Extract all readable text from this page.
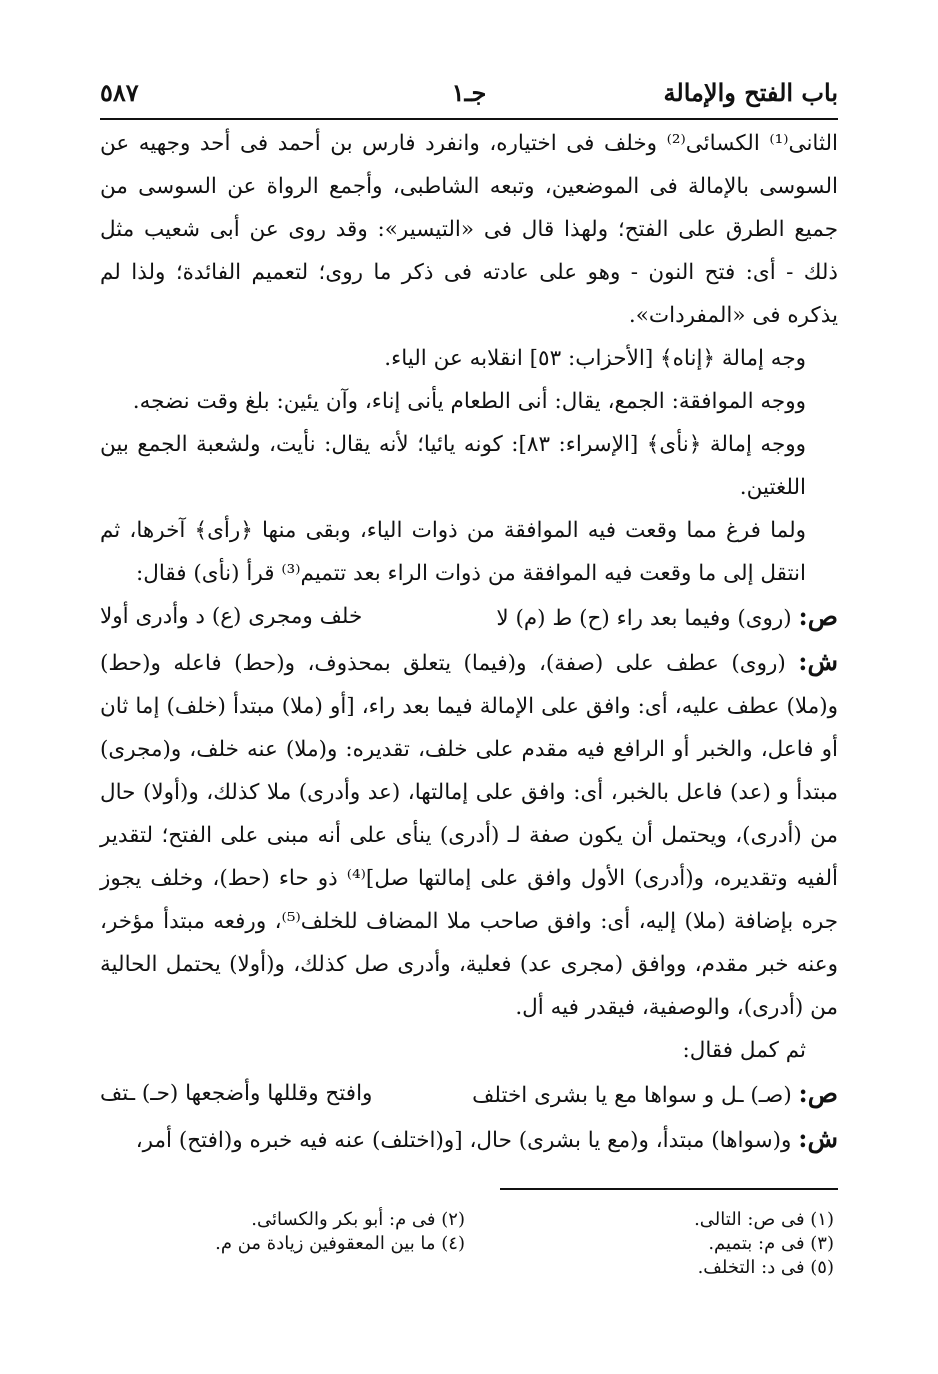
باب الفتح والإمالة
جـ١
٥٨٧

الثانى⁽¹⁾ الكسائى⁽²⁾ وخلف فى اختياره، وانفرد فارس بن أحمد فى أحد وجهيه عن السوسى بالإمالة فى الموضعين، وتبعه الشاطبى، وأجمع الرواة عن السوسى من جميع الطرق على الفتح؛ ولهذا قال فى «التيسير»: وقد روى عن أبى شعيب مثل ذلك - أى: فتح النون - وهو على عادته فى ذكر ما روى؛ لتعميم الفائدة؛ ولذا لم يذكره فى «المفردات».

وجه إمالة ﴿إناه﴾ [الأحزاب: ٥٣] انقلابه عن الياء.

ووجه الموافقة: الجمع، يقال: أنى الطعام يأنى إناء، وآن يئين: بلغ وقت نضجه.

ووجه إمالة ﴿نأى﴾ [الإسراء: ٨٣]: كونه يائيا؛ لأنه يقال: نأيت، ولشعبة الجمع بين اللغتين.

ولما فرغ مما وقعت فيه الموافقة من ذوات الياء، وبقى منها ﴿رأى﴾ آخرها، ثم انتقل إلى ما وقعت فيه الموافقة من ذوات الراء بعد تتميم⁽³⁾ قرأ (نأى) فقال:

ص: (روى) وفيما بعد راء (ح) ط (م) لا
خلف ومجرى (ع) د وأدرى أولا

ش: (روى) عطف على (صفة)، و(فيما) يتعلق بمحذوف، و(حط) فاعله و(حط) و(ملا) عطف عليه، أى: وافق على الإمالة فيما بعد راء، [أو (ملا) مبتدأ (خلف) إما ثان أو فاعل، والخبر أو الرافع فيه مقدم على خلف، تقديره: و(ملا) عنه خلف، و(مجرى) مبتدأ و (عد) فاعل بالخبر، أى: وافق على إمالتها، (عد وأدرى) ملا كذلك، و(أولا) حال من (أدرى)، ويحتمل أن يكون صفة لـ (أدرى) ينأى على أنه مبنى على الفتح؛ لتقدير ألفيه وتقديره، و(أدرى) الأول وافق على إمالتها صل]⁽⁴⁾ ذو حاء (حط)، وخلف يجوز جره بإضافة (ملا) إليه، أى: وافق صاحب ملا المضاف للخلف⁽⁵⁾، ورفعه مبتدأ مؤخر، وعنه خبر مقدم، ووافق (مجرى عد) فعلية، وأدرى صل كذلك، و(أولا) يحتمل الحالية من (أدرى)، والوصفية، فيقدر فيه أل.

ثم كمل فقال:

ص: (صـ) ـل و سواها مع يا بشرى اختلف
وافتح وقللها وأضجعها (حـ) ـتف

ش: و(سواها) مبتدأ، و(مع يا بشرى) حال، [و(اختلف) عنه فيه خبره و(افتح) أمر،

(١) فى ص: التالى.
(٢) فى م: أبو بكر والكسائى.
(٣) فى م: بتميم.
(٤) ما بين المعقوفين زيادة من م.
(٥) فى د: التخلف.
